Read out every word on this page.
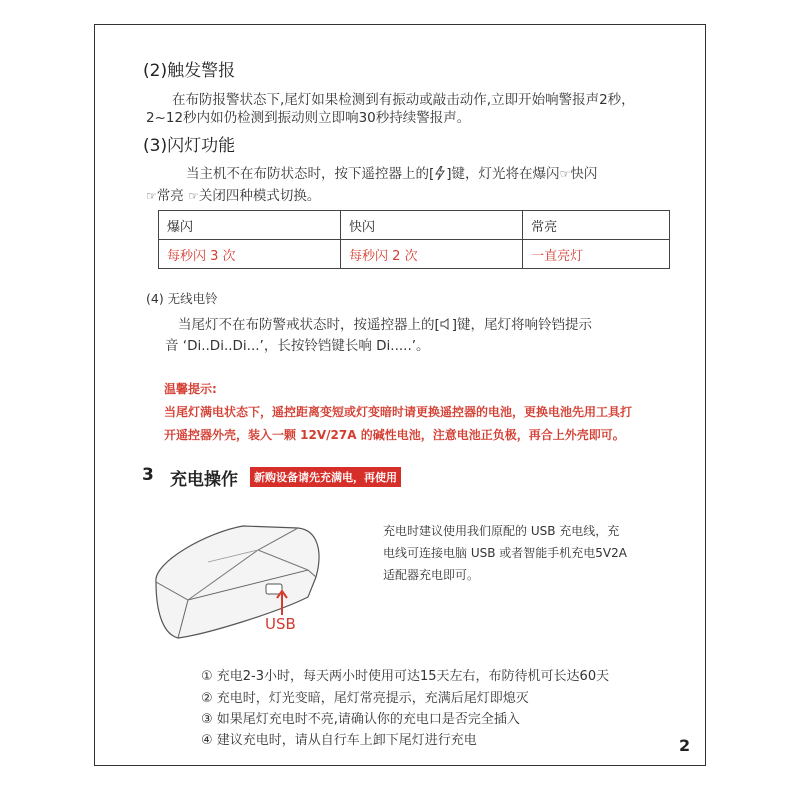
(2)触发警报
在布防报警状态下,尾灯如果检测到有振动或敲击动作,立即开始响警报声2秒，
2~12秒内如仍检测到振动则立即响30秒持续警报声。
(3)闪灯功能
当主机不在布防状态时，按下遥控器上的[ ]键，灯光将在爆闪☞快闪
☞常亮 ☞关闭四种模式切换。
爆闪	快闪	常亮
每秒闪 3 次	每秒闪 2 次	一直亮灯
(4) 无线电铃
当尾灯不在布防警戒状态时，按遥控器上的[ ]键，尾灯将响铃铛提示
音 ‘Di..Di..Di...’，长按铃铛键长响 Di.....’。
温馨提示:
当尾灯满电状态下，遥控距离变短或灯变暗时请更换遥控器的电池，更换电池先用工具打
开遥控器外壳，装入一颗 12V/27A 的碱性电池，注意电池正负极，再合上外壳即可。
3 充电操作	新购设备请先充满电，再使用
USB
充电时建议使用我们原配的 USB 充电线，充
电线可连接电脑 USB 或者智能手机充电5V2A
适配器充电即可。
① 充电2-3小时，每天两小时使用可达15天左右，布防待机可长达60天
② 充电时，灯光变暗，尾灯常亮提示，充满后尾灯即熄灭
③ 如果尾灯充电时不亮,请确认你的充电口是否完全插入
④ 建议充电时，请从自行车上卸下尾灯进行充电	2
